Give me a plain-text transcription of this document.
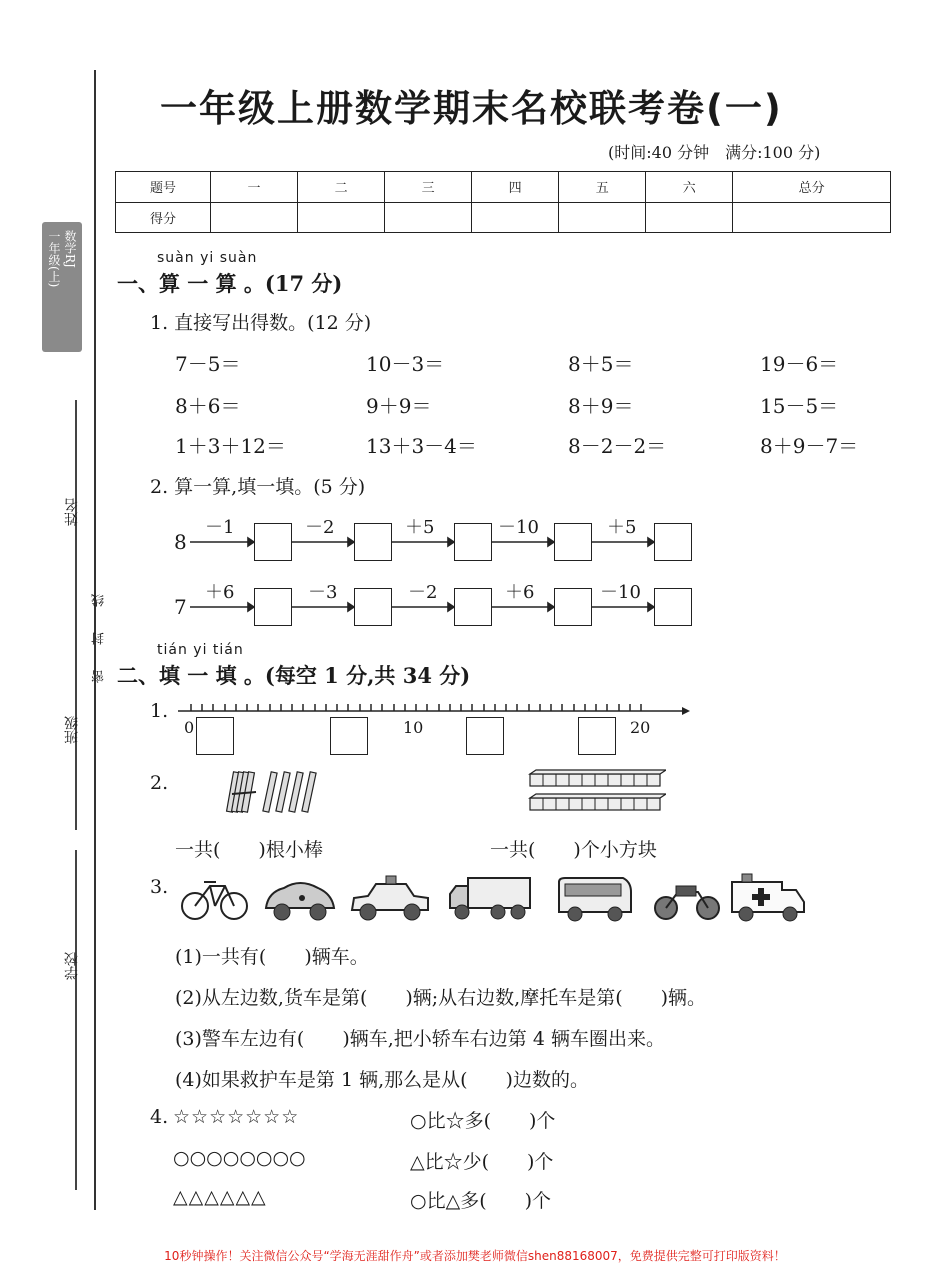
数学RJ
一年级(上)
姓名
班级
学校
线
封
密
一年级上册数学期末名校联考卷(一)
(时间:40 分钟　满分:100 分)
题号	一	二	三	四	五	六	总分
得分							
suàn yi suàn
一、算 一 算 。(17 分)
1. 直接写出得数。(12 分)
7－5＝	10－3＝	8＋5＝	19－6＝
8＋6＝	9＋9＝	8＋9＝	15－5＝
1＋3＋12＝	13＋3－4＝	8－2－2＝	8＋9－7＝
2. 算一算,填一填。(5 分)
8
－1	－2	＋5	－10	＋5
7
＋6	－3	－2	＋6	－10
tián yi tián
二、填 一 填 。(每空 1 分,共 34 分)
1.
0	10	20
2.
一共(　　)根小棒	一共(　　)个小方块
3.
(1)一共有(　　)辆车。
(2)从左边数,货车是第(　　)辆;从右边数,摩托车是第(　　)辆。
(3)警车左边有(　　)辆车,把小轿车右边第 4 辆车圈出来。
(4)如果救护车是第 1 辆,那么是从(　　)边数的。
4. ☆☆☆☆☆☆☆	○比☆多(　　)个
○○○○○○○○	△比☆少(　　)个
△△△△△△	○比△多(　　)个
10秒钟操作！关注微信公众号“学海无涯甜作舟”或者添加樊老师微信shen88168007，免费提供完整可打印版资料！
